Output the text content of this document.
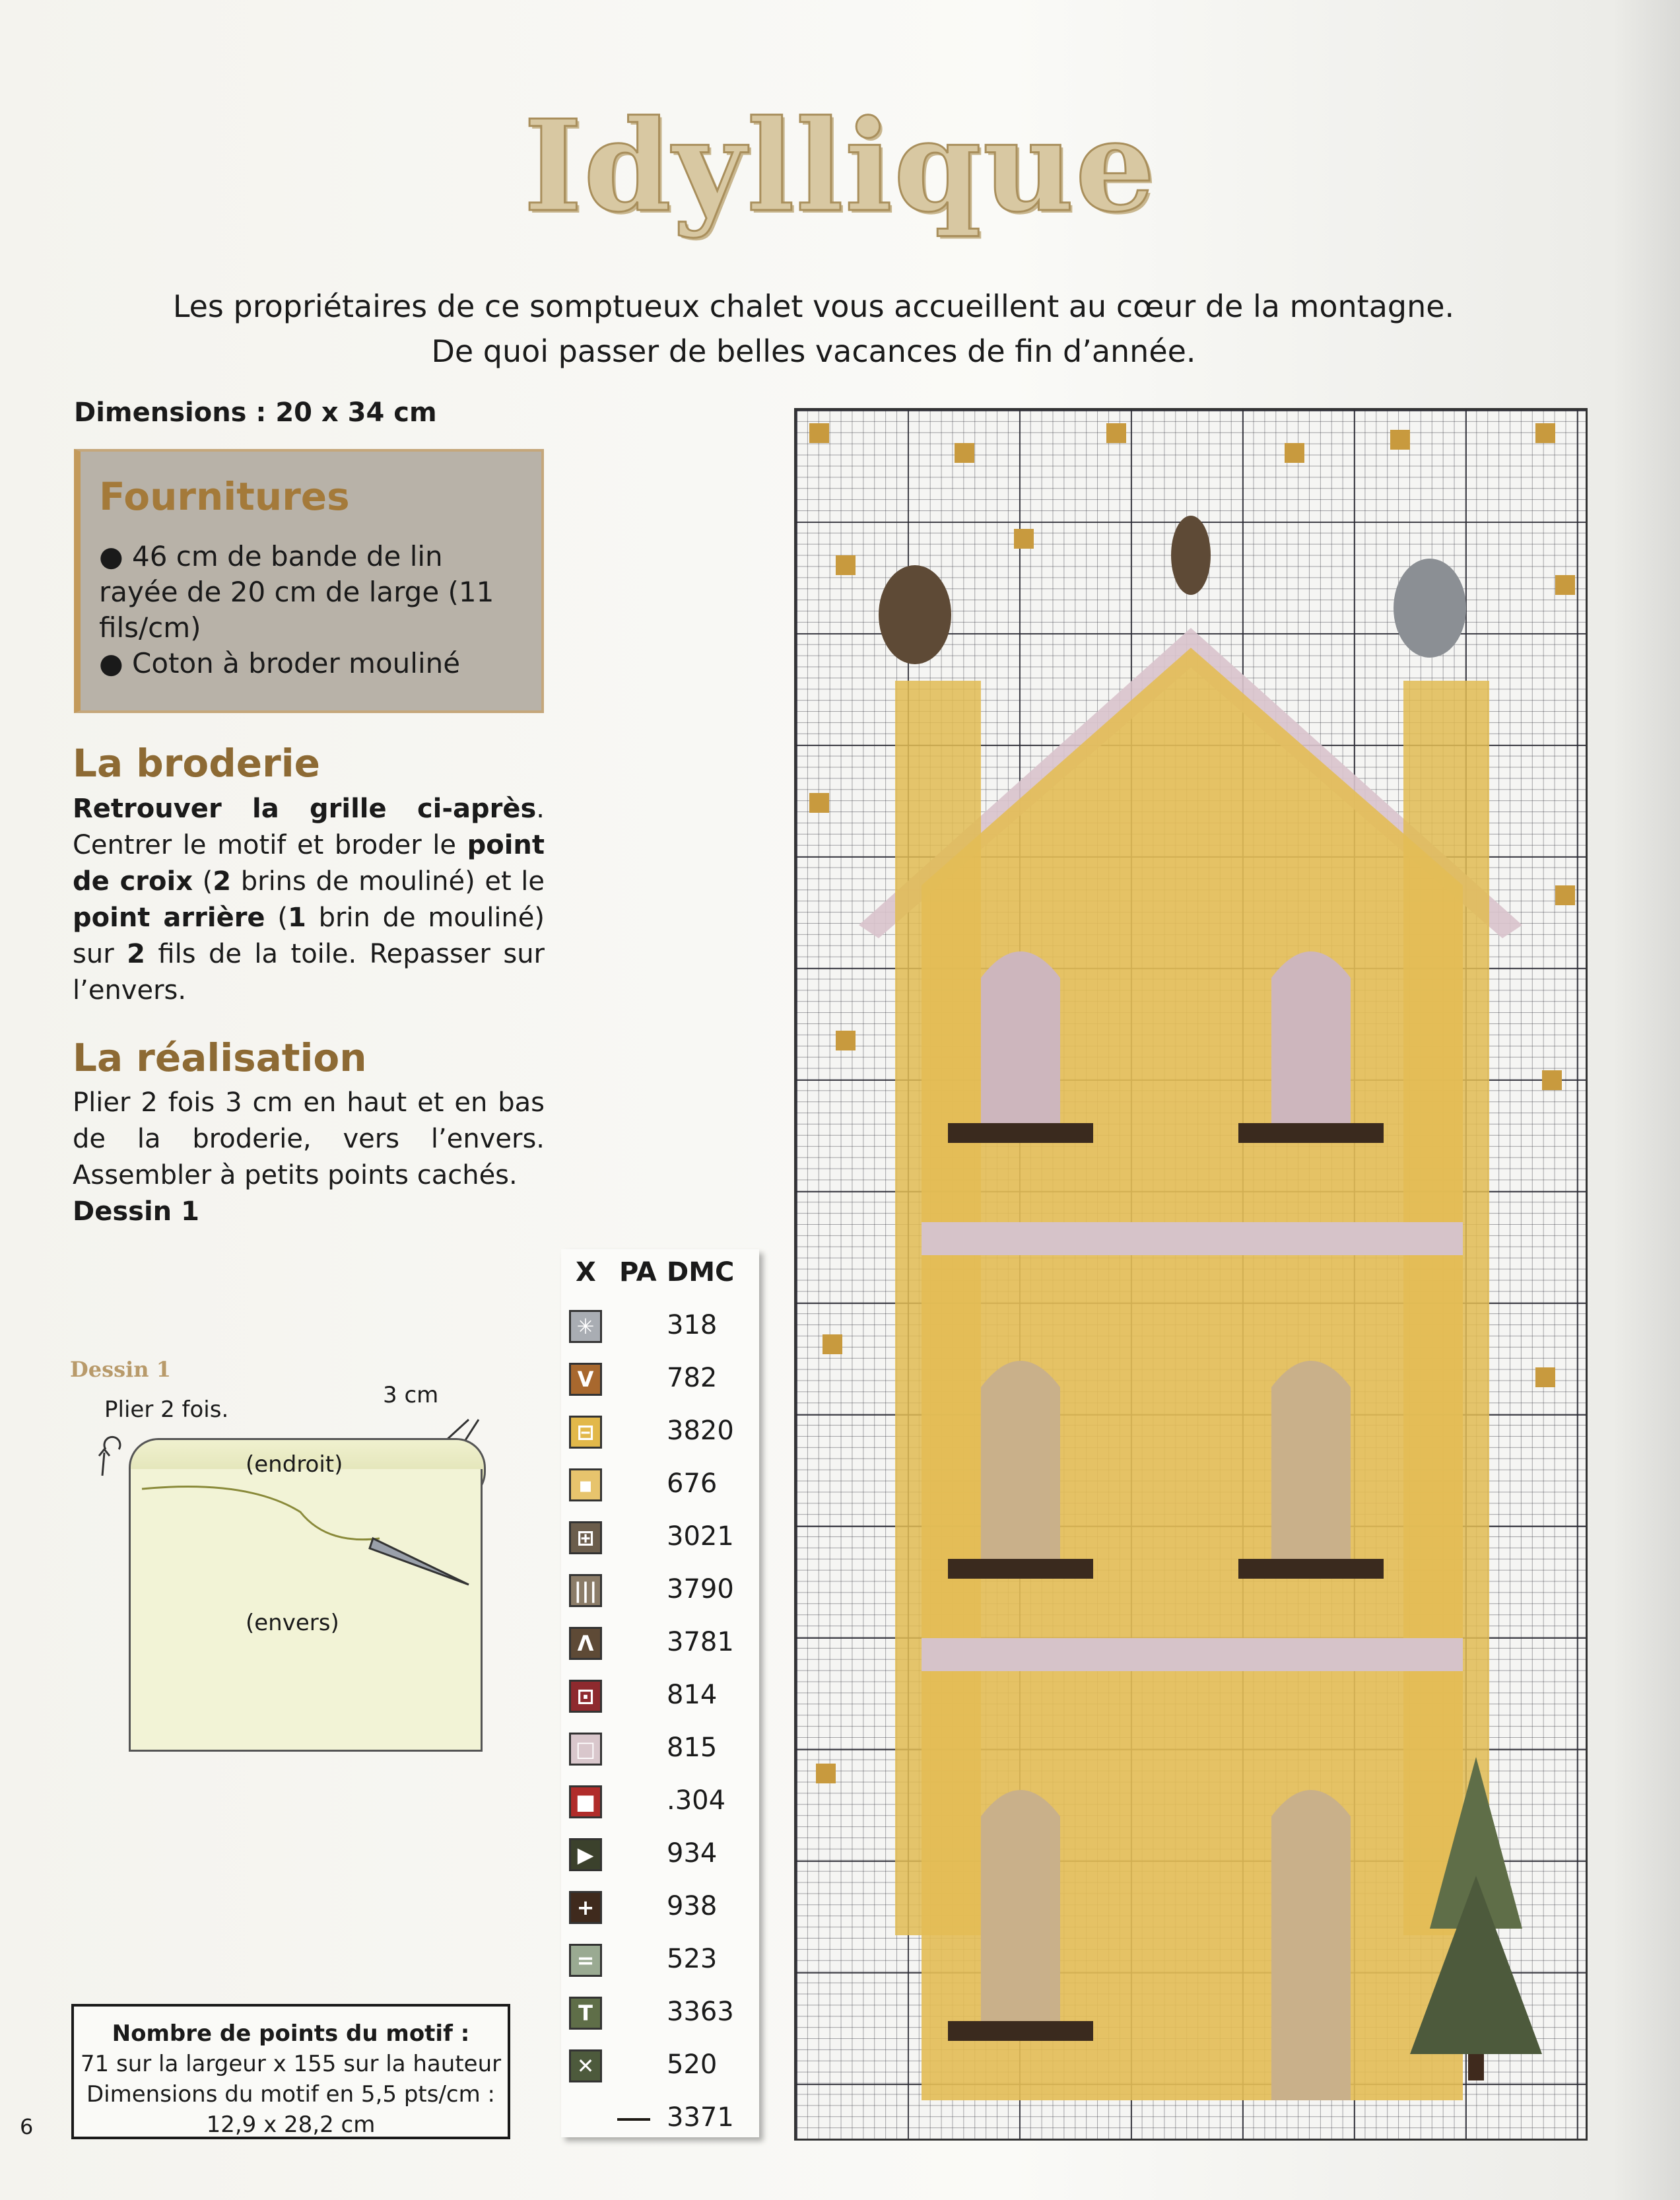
Idyllique
Les propriétaires de ce somptueux chalet vous accueillent au cœur de la montagne.
De quoi passer de belles vacances de fin d’année.
Dimensions : 20 x 34 cm
Fournitures

● 46 cm de bande de lin rayée de 20 cm de large (11 fils/cm)

● Coton à broder mouliné

La broderie
Retrouver la grille ci-après. Centrer le motif et broder le point de croix (2 brins de mouliné) et le point arrière (1 brin de mouliné) sur 2 fils de la toile. Repasser sur l’envers.
La réalisation
Plier 2 fois 3 cm en haut et en bas de la broderie, vers l’envers. Assembler à petits points cachés.
Dessin 1
Dessin 1
Plier 2 fois.
3 cm
(endroit)
(envers)
Nombre de points du motif :
71 sur la largeur x 155 sur la hauteur
Dimensions du motif en 5,5 pts/cm :
12,9 x 28,2 cm
6
X PA DMC
✳	318
V	782
⊟	3820
▪	676
⊞	3021
|||	3790
Λ	3781
⊡	814
□	815
■	.304
▶	934
+	938
=	523
T	3363
✕	520
3371
